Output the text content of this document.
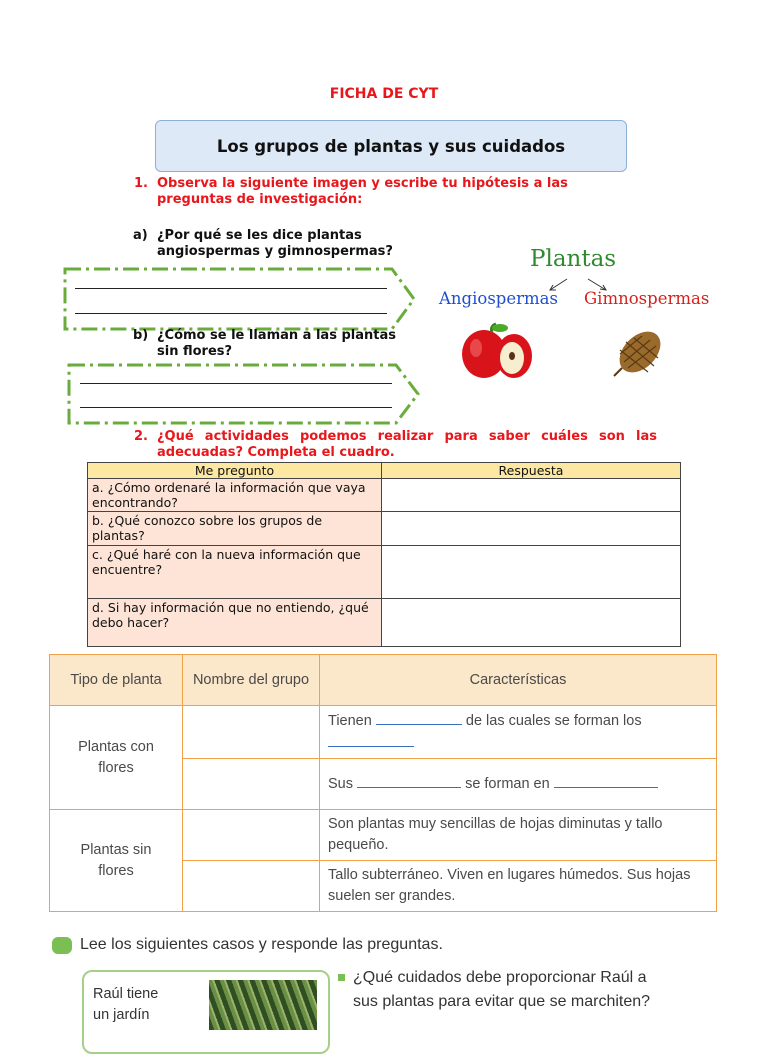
FICHA DE CYT
Los grupos de plantas y sus cuidados
1. Observa la siguiente imagen y escribe tu hipótesis a las
preguntas de investigación:
a) ¿Por qué se les dice plantas
angiospermas y gimnospermas?
b) ¿Cómo se le llaman a las plantas
sin flores?
Plantas
Angiospermas Gimnospermas
2. ¿Qué actividades podemos realizar para saber cuáles son las
adecuadas? Completa el cuadro.
Me pregunto	Respuesta
a. ¿Cómo ordenaré la información que vaya encontrando?	
b. ¿Qué conozco sobre los grupos de plantas?	
c. ¿Qué haré con la nueva información que encuentre?	
d. Si hay información que no entiendo, ¿qué debo hacer?	
Tipo de planta	Nombre del grupo	Características

Plantas con flores		Tienen de las cuales se forman los

		Sus se forman en

Plantas sin flores		Son plantas muy sencillas de hojas diminutas y tallo pequeño.
		Tallo subterráneo. Viven en lugares húmedos. Sus hojas suelen ser grandes.
Lee los siguientes casos y responde las preguntas.
Raúl tiene
un jardín
¿Qué cuidados debe proporcionar Raúl a
sus plantas para evitar que se marchiten?
